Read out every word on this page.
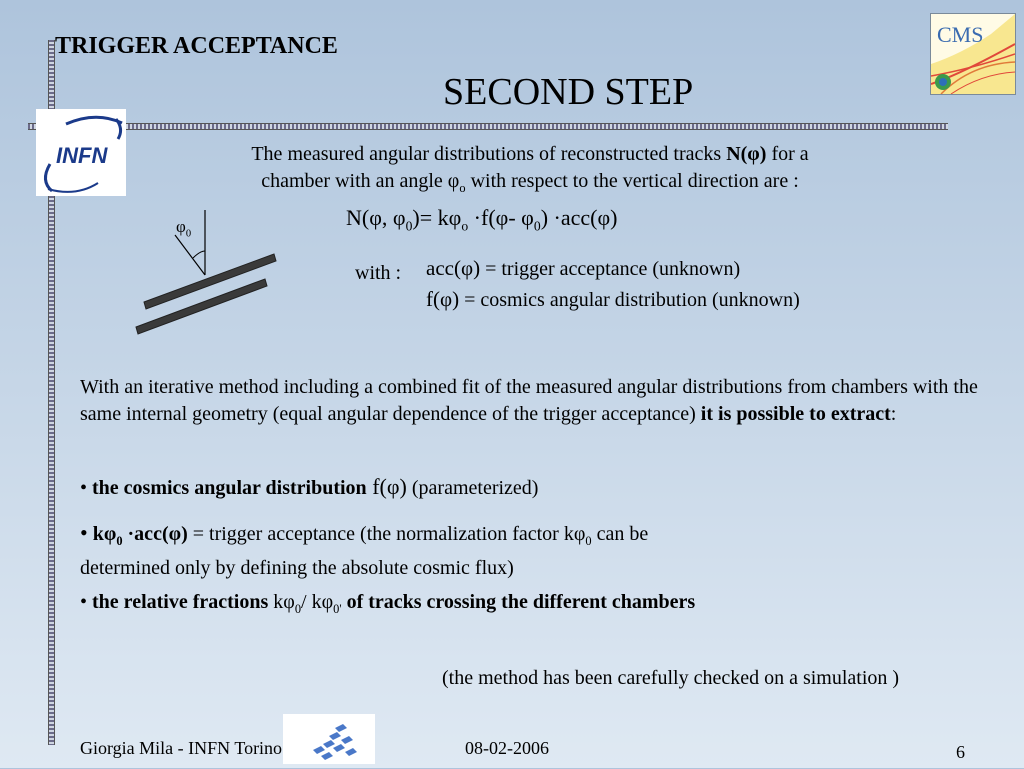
TRIGGER ACCEPTANCE
SECOND STEP
CMS
INFN	The measured angular distributions of reconstructed tracks N(φ) for a
chamber with an angle $\varphi_o$ with respect to the vertical direction are :
$\varphi_0$
N(φ, $\varphi_0)= k\varphi_o \cdot f(\varphi-$ $\varphi_0) \cdot acc(\varphi)$
with : acc(φ) = trigger acceptance (unknown)
f(φ) = cosmics angular distribution (unknown)
With an iterative method including a combined fit of the measured angular distributions from chambers with the same internal geometry (equal angular dependence of the trigger acceptance) it is possible to extract:
• the cosmics angular distribution f(φ) (parameterized)
• $k\varphi_0 \cdot acc(\varphi)$ = trigger acceptance (the normalization factor $k\varphi_0$ can be
determined only by defining the absolute cosmic flux)
• the relative fractions $k\varphi_0/$ $k\varphi_{0'}$ of tracks crossing the different chambers
(the method has been carefully checked on a simulation )
Giorgia Mila - INFN Torino	08-02-2006	6
